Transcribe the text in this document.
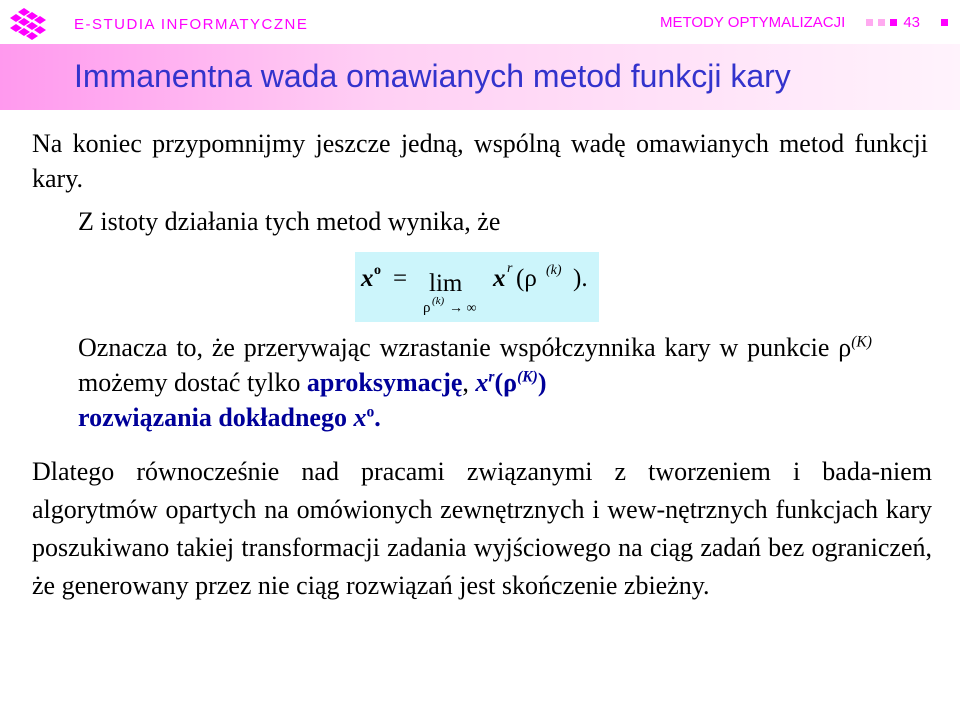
E-STUDIA INFORMATYCZNE	METODY OPTYMALIZACJI	43
Immanentna wada omawianych metod funkcji kary
Na koniec przypomnijmy jeszcze jedną, wspólną wadę omawianych metod funkcji kary.
Z istoty działania tych metod wynika, że
x o = lim
ρ (k) → ∞
x r (ρ (k) ).
Oznacza to, że przerywając wzrastanie współczynnika kary w punkcie $\rho^{(K)}$ możemy dostać tylko aproksymację, $x^r(\rho^{(K)})$
rozwiązania dokładnego $x^o$.
Dlatego równocześnie nad pracami związanymi z tworzeniem i bada-niem algorytmów opartych na omówionych zewnętrznych i wew-nętrznych funkcjach kary poszukiwano takiej transformacji zadania wyjściowego na ciąg zadań bez ograniczeń, że generowany przez nie ciąg rozwiązań jest skończenie zbieżny.
